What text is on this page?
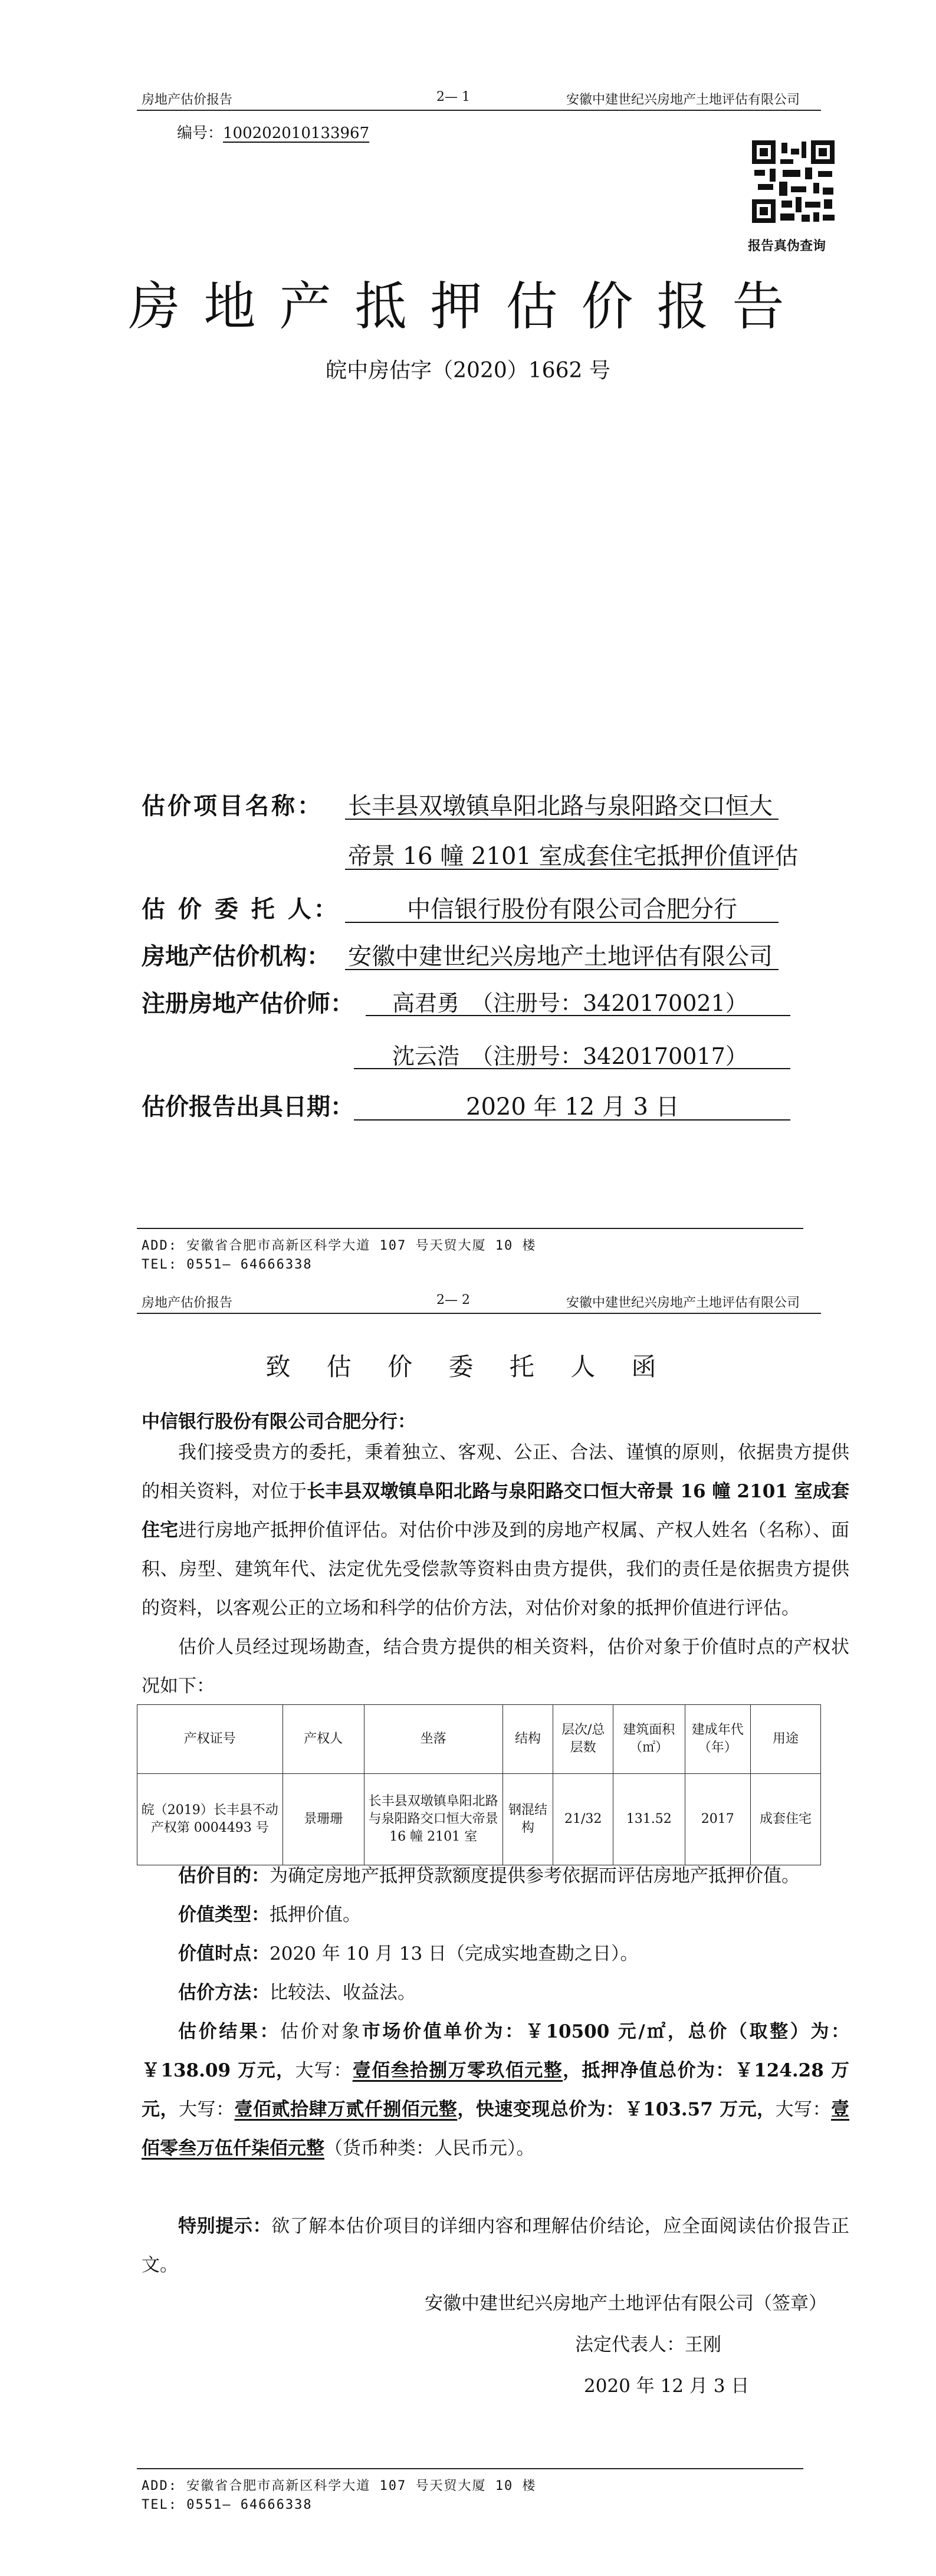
房地产估价报告	2— 1	安徽中建世纪兴房地产土地评估有限公司
编号：100202010133967
报告真伪查询
房地产抵押估价报告
皖中房估字（2020）1662 号
估价项目名称： 长丰县双墩镇阜阳北路与泉阳路交口恒大
帝景 16 幢 2101 室成套住宅抵押价值评估
估 价 委 托 人：	中信银行股份有限公司合肥分行
房地产估价机构： 安徽中建世纪兴房地产土地评估有限公司
注册房地产估价师： 高君勇　（注册号：3420170021）
沈云浩　（注册号：3420170017）
估价报告出具日期：	2020 年 12 月 3 日
ADD: 安徽省合肥市高新区科学大道 107 号天贸大厦 10 楼
TEL: 0551— 64666338
房地产估价报告	2— 2	安徽中建世纪兴房地产土地评估有限公司
致 估 价 委 托 人 函
中信银行股份有限公司合肥分行：

我们接受贵方的委托，秉着独立、客观、公正、合法、谨慎的原则，依据贵方提供的相关资料，对位于长丰县双墩镇阜阳北路与泉阳路交口恒大帝景 16 幢 2101 室成套住宅进行房地产抵押价值评估。对估价中涉及到的房地产权属、产权人姓名（名称）、面积、房型、建筑年代、法定优先受偿款等资料由贵方提供，我们的责任是依据贵方提供的资料，以客观公正的立场和科学的估价方法，对估价对象的抵押价值进行评估。

估价人员经过现场勘查，结合贵方提供的相关资料，估价对象于价值时点的产权状况如下：

产权证号	产权人	坐落	结构	层次/总层数	建筑面积（㎡）	建成年代（年）	用途
皖（2019）长丰县不动产权第 0004493 号	景珊珊	长丰县双墩镇阜阳北路与泉阳路交口恒大帝景 16 幢 2101 室	钢混结构	21/32	131.52	2017	成套住宅
估价目的：为确定房地产抵押贷款额度提供参考依据而评估房地产抵押价值。
价值类型：抵押价值。
价值时点：2020 年 10 月 13 日（完成实地查勘之日）。
估价方法：比较法、收益法。

估价结果：估价对象市场价值单价为：￥10500 元/㎡，总价（取整）为：￥138.09 万元，大写：壹佰叁拾捌万零玖佰元整，抵押净值总价为：￥124.28 万元，大写：壹佰贰拾肆万贰仟捌佰元整，快速变现总价为：￥103.57 万元，大写：壹佰零叁万伍仟柒佰元整（货币种类：人民币元）。

特别提示：欲了解本估价项目的详细内容和理解估价结论，应全面阅读估价报告正文。

安徽中建世纪兴房地产土地评估有限公司（签章）
法定代表人：王刚
2020 年 12 月 3 日
ADD: 安徽省合肥市高新区科学大道 107 号天贸大厦 10 楼
TEL: 0551— 64666338
